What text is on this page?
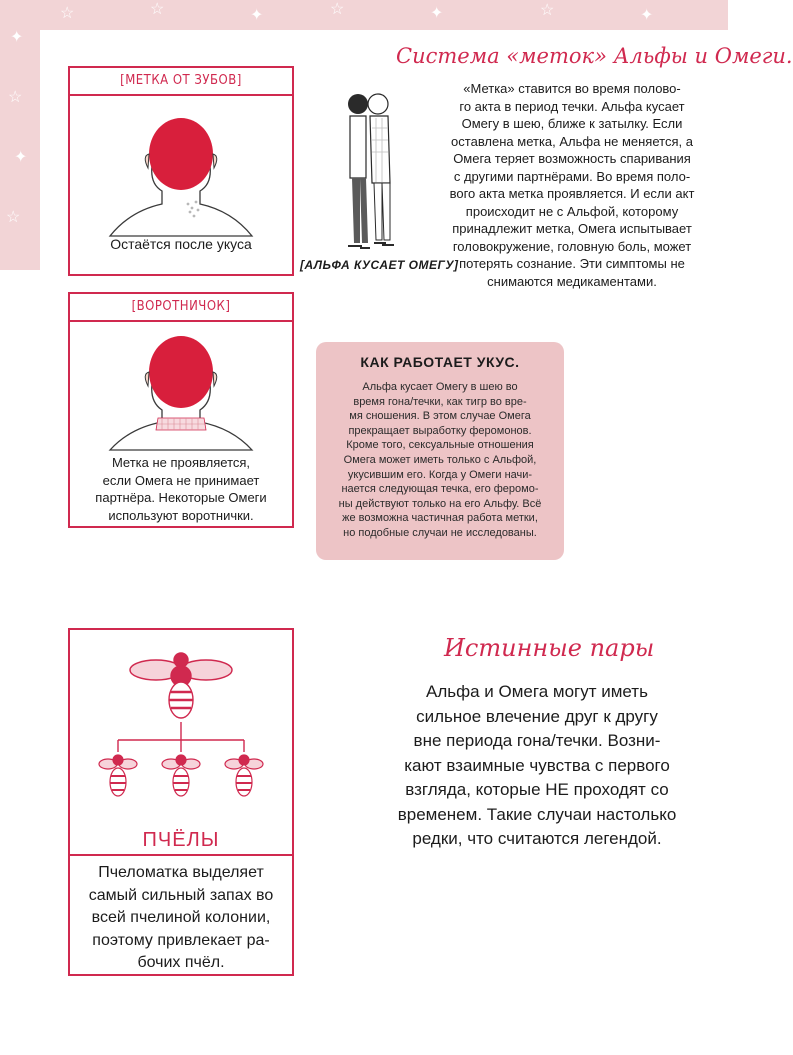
☆	☆	✦	☆	✦	☆	✦
✦
☆
✦
☆
Система «меток» Альфы и Омеги.
[МЕТКА ОТ ЗУБОВ]
Остаётся после укуса
[АЛЬФА КУСАЕТ ОМЕГУ]
«Метка» ставится во время полово-
го акта в период течки. Альфа кусает
Омегу в шею, ближе к затылку. Если
оставлена метка, Альфа не меняется, а
Омега теряет возможность спаривания
с другими партнёрами. Во время поло-
вого акта метка проявляется. И если акт
происходит не с Альфой, которому
принадлежит метка, Омега испытывает
головокружение, головную боль, может
потерять сознание. Эти симптомы не
снимаются медикаментами.
[ВОРОТНИЧОК]
Метка не проявляется,
если Омега не принимает
партнёра. Некоторые Омеги
используют воротнички.
КАК РАБОТАЕТ УКУС.
Альфа кусает Омегу в шею во
время гона/течки, как тигр во вре-
мя сношения. В этом случае Омега
прекращает выработку феромонов.
Кроме того, сексуальные отношения
Омега может иметь только с Альфой,
укусившим его. Когда у Омеги начи-
нается следующая течка, его феромо-
ны действуют только на его Альфу. Всё
же возможна частичная работа метки,
но подобные случаи не исследованы.
ПЧЁЛЫ
Пчеломатка выделяет
самый сильный запах во
всей пчелиной колонии,
поэтому привлекает ра-
бочих пчёл.
Истинные пары
Альфа и Омега могут иметь
сильное влечение друг к другу
вне периода гона/течки. Возни-
кают взаимные чувства с первого
взгляда, которые НЕ проходят со
временем. Такие случаи настолько
редки, что считаются легендой.
